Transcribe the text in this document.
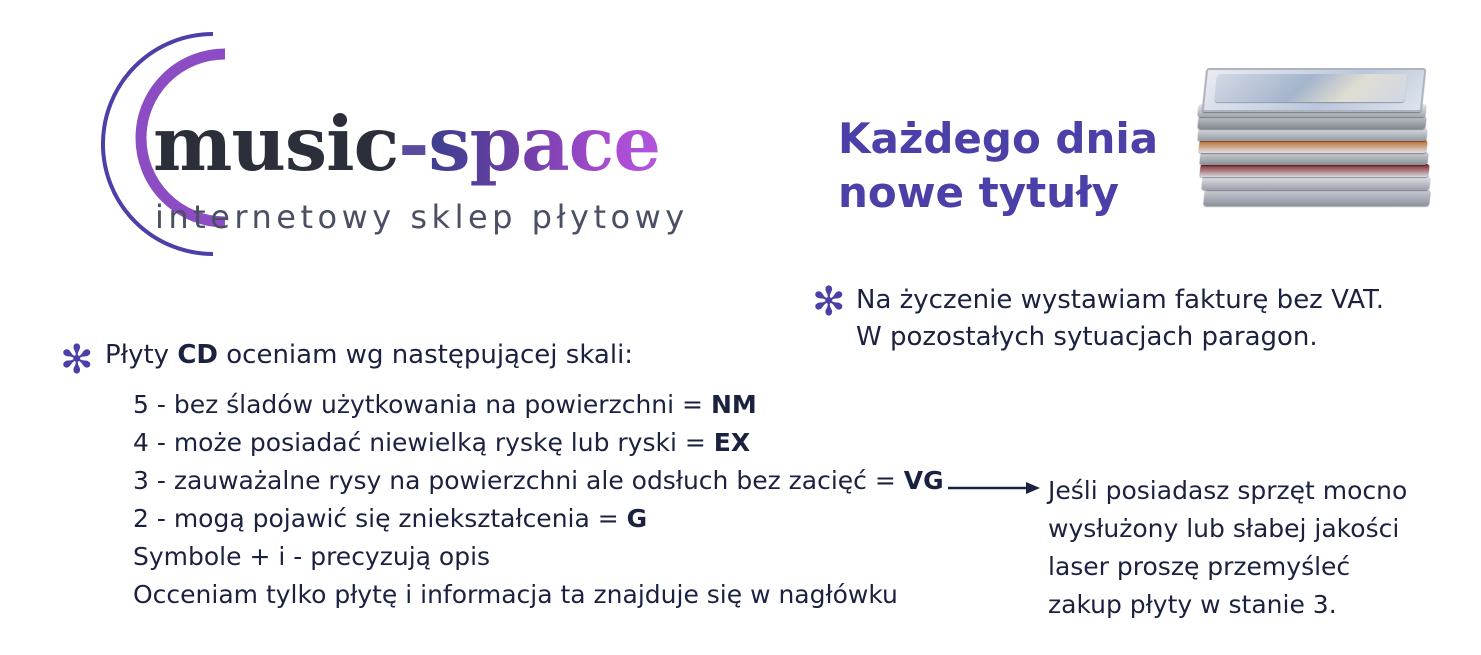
music-space
internetowy sklep płytowy
Każdego dnia
nowe tytuły
✻ Na życzenie wystawiam fakturę bez VAT.
W pozostałych sytuacjach paragon.
✻ Płyty CD oceniam wg następującej skali:
5 - bez śladów użytkowania na powierzchni = NM
4 - może posiadać niewielką ryskę lub ryski = EX
3 - zauważalne rysy na powierzchni ale odsłuch bez zacięć = VG
2 - mogą pojawić się zniekształcenia = G
Symbole + i - precyzują opis
Occeniam tylko płytę i informacja ta znajduje się w nagłówku
Jeśli posiadasz sprzęt mocno
wysłużony lub słabej jakości
laser proszę przemyśleć
zakup płyty w stanie 3.
